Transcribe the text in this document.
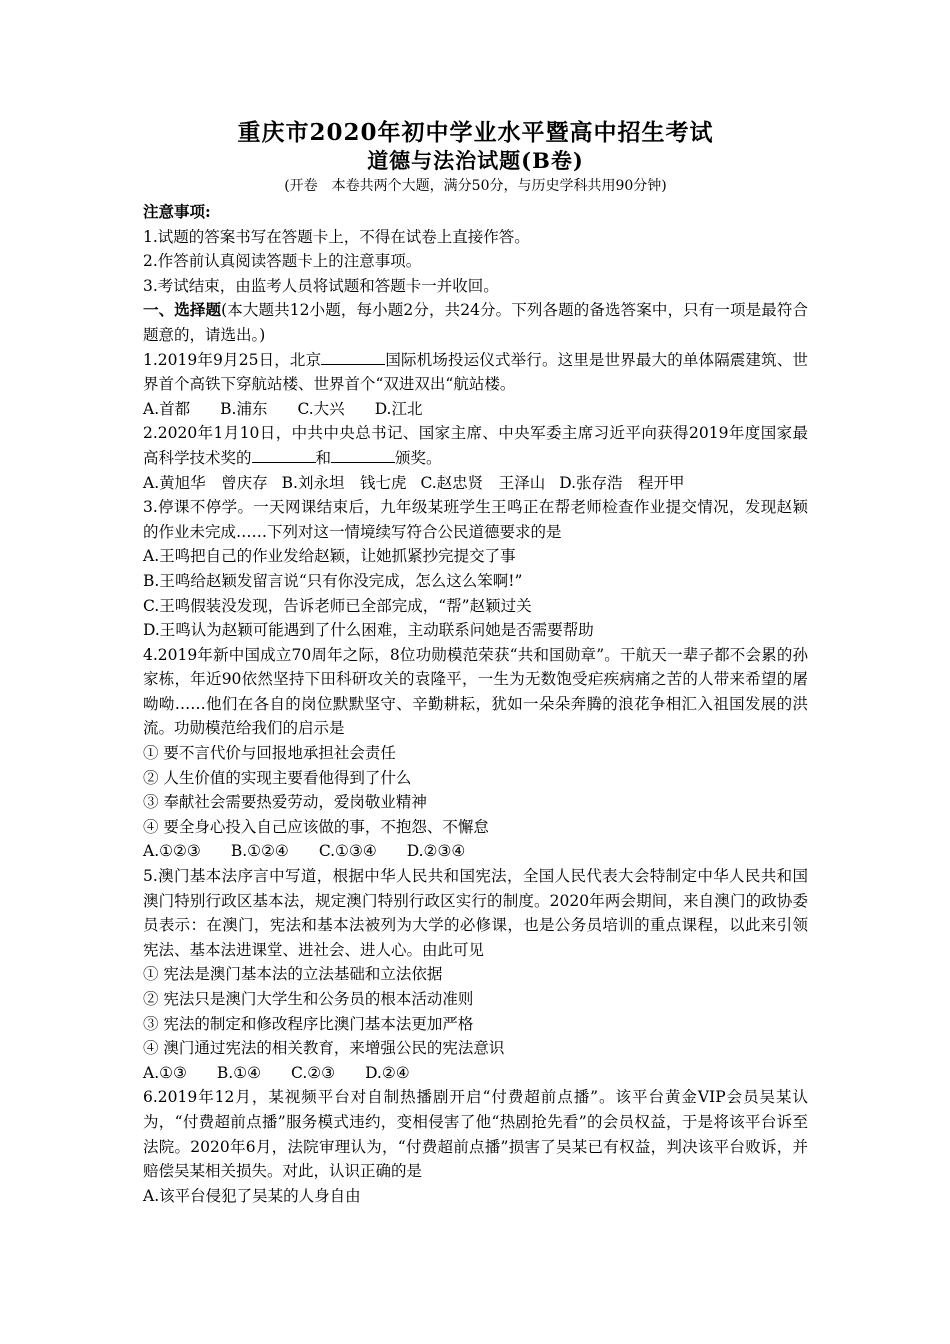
重庆市2020年初中学业水平暨高中招生考试
道德与法治试题(B卷)
(开卷　本卷共两个大题，满分50分，与历史学科共用90分钟)
注意事项:
1.试题的答案书写在答题卡上，不得在试卷上直接作答。
2.作答前认真阅读答题卡上的注意事项。
3.考试结束，由监考人员将试题和答题卡一并收回。
一、选择题(本大题共12小题，每小题2分，共24分。下列各题的备选答案中，只有一项是最符合题意的，请选出。)
1.2019年9月25日，北京	国际机场投运仪式举行。这里是世界最大的单体隔震建筑、世界首个高铁下穿航站楼、世界首个“双进双出“航站楼。
A.首都 B.浦东 C.大兴 D.江北
2.2020年1月10日，中共中央总书记、国家主席、中央军委主席习近平向获得2019年度国家最高科学技术奖的	和	颁奖。
A.黄旭华　曾庆存 B.刘永坦　钱七虎 C.赵忠贤　王泽山 D.张存浩　程开甲
3.停课不停学。一天网课结束后，九年级某班学生王鸣正在帮老师检查作业提交情况，发现赵颖的作业未完成……下列对这一情境续写符合公民道德要求的是
A.王鸣把自己的作业发给赵颖，让她抓紧抄完提交了事
B.王鸣给赵颖发留言说“只有你没完成，怎么这么笨啊!”
C.王鸣假装没发现，告诉老师已全部完成，“帮”赵颖过关
D.王鸣认为赵颖可能遇到了什么困难，主动联系问她是否需要帮助
4.2019年新中国成立70周年之际，8位功勋模范荣获“共和国勋章”。干航天一辈子都不会累的孙家栋，年近90依然坚持下田科研攻关的袁隆平，一生为无数饱受疟疾病痛之苦的人带来希望的屠呦呦……他们在各自的岗位默默坚守、辛勤耕耘，犹如一朵朵奔腾的浪花争相汇入祖国发展的洪流。功勋模范给我们的启示是
① 要不言代价与回报地承担社会责任
② 人生价值的实现主要看他得到了什么
③ 奉献社会需要热爱劳动，爱岗敬业精神
④ 要全身心投入自己应该做的事，不抱怨、不懈怠
A.①②③ B.①②④ C.①③④ D.②③④
5.澳门基本法序言中写道，根据中华人民共和国宪法，全国人民代表大会特制定中华人民共和国澳门特别行政区基本法，规定澳门特别行政区实行的制度。2020年两会期间，来自澳门的政协委员表示：在澳门，宪法和基本法被列为大学的必修课，也是公务员培训的重点课程，以此来引领宪法、基本法进课堂、进社会、进人心。由此可见
① 宪法是澳门基本法的立法基础和立法依据
② 宪法只是澳门大学生和公务员的根本活动准则
③ 宪法的制定和修改程序比澳门基本法更加严格
④ 澳门通过宪法的相关教育，来增强公民的宪法意识
A.①③ B.①④ C.②③ D.②④
6.2019年12月，某视频平台对自制热播剧开启“付费超前点播”。该平台黄金VIP会员吴某认为，“付费超前点播”服务模式违约，变相侵害了他“热剧抢先看”的会员权益，于是将该平台诉至法院。2020年6月，法院审理认为，“付费超前点播”损害了吴某已有权益，判决该平台败诉，并赔偿吴某相关损失。对此，认识正确的是
A.该平台侵犯了吴某的人身自由
